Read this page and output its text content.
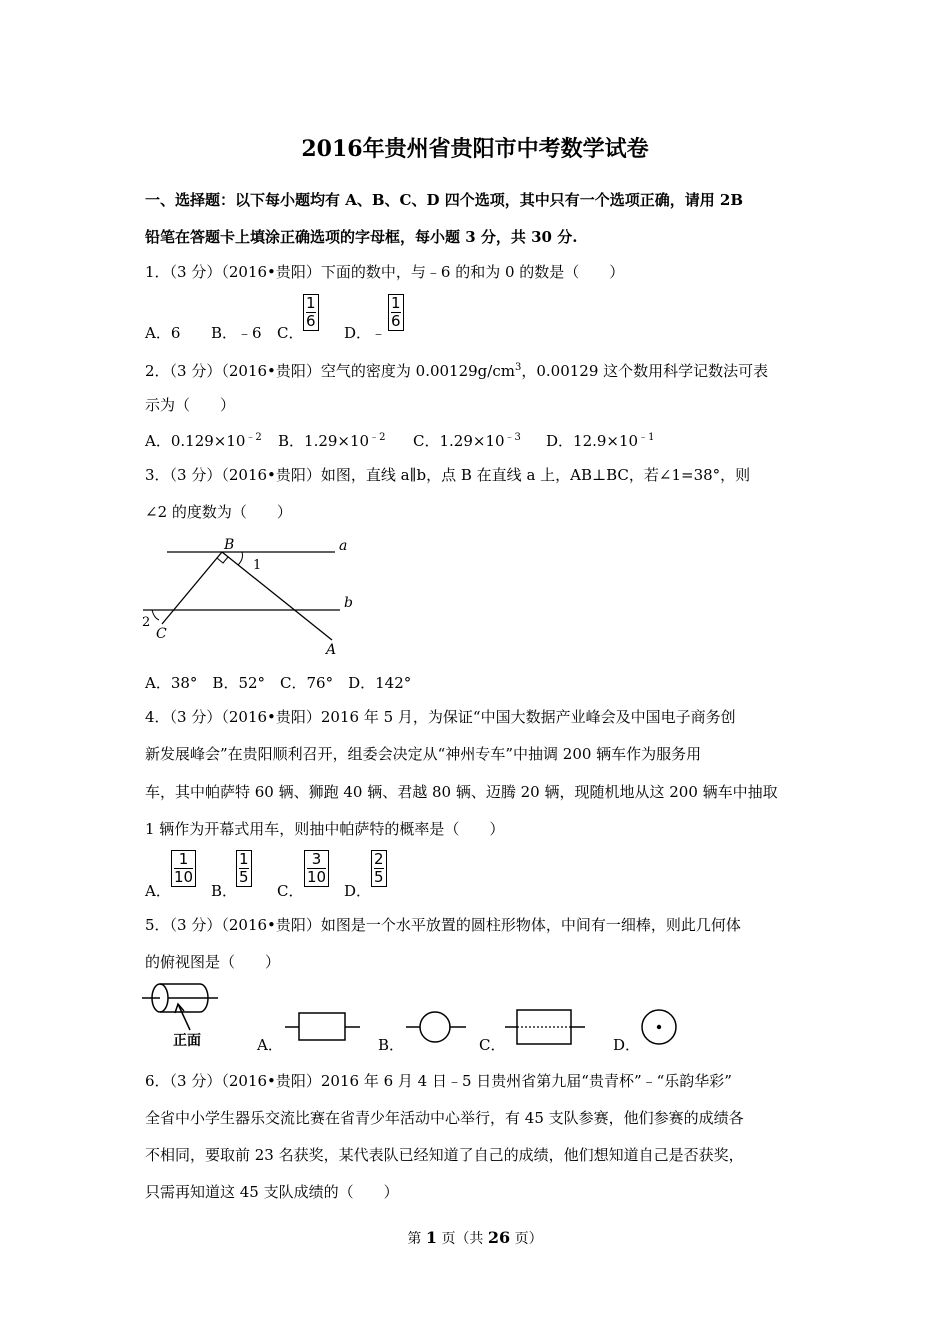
2016年贵州省贵阳市中考数学试卷
一、选择题：以下每小题均有 A、B、C、D 四个选项，其中只有一个选项正确，请用 2B
铅笔在答题卡上填涂正确选项的字母框，每小题 3 分，共 30 分.
1．（3 分）（2016•贵阳）下面的数中，与﹣6 的和为 0 的数是（　　）
A．6 B．﹣6 C．
$\frac{1}{6}$
D．﹣
$\frac{1}{6}$
2．（3 分）（2016•贵阳）空气的密度为 $0.00129g/cm^3$，0.00129 这个数用科学记数法可表
示为（　　）
A．$0.129\times 10^{﹣2}$ B．$1.29\times 10^{﹣2}$ C．$1.29\times 10^{﹣3}$ D．$12.9\times 10^{﹣1}$
3．（3 分）（2016•贵阳）如图，直线 a∥b，点 B 在直线 a 上，AB⊥BC，若∠1=38°，则
∠2 的度数为（　　）
B	a
b
1
2
C
A
A．38°　B．52°　C．76°　D．142°
4．（3 分）（2016•贵阳）2016 年 5 月，为保证“中国大数据产业峰会及中国电子商务创
新发展峰会”在贵阳顺利召开，组委会决定从“神州专车”中抽调 200 辆车作为服务用
车，其中帕萨特 60 辆、狮跑 40 辆、君越 80 辆、迈腾 20 辆，现随机地从这 200 辆车中抽取
1 辆作为开幕式用车，则抽中帕萨特的概率是（　　）
A．
$\frac{1}{10}$
B．
$\frac{1}{5}$
C．
$\frac{3}{10}$
D．
$\frac{2}{5}$
5．（3 分）（2016•贵阳）如图是一个水平放置的圆柱形物体，中间有一细棒，则此几何体
的俯视图是（　　）
正面	A．	B．	C．	D．
6．（3 分）（2016•贵阳）2016 年 6 月 4 日﹣5 日贵州省第九届“贵青杯”﹣“乐韵华彩”
全省中小学生器乐交流比赛在省青少年活动中心举行，有 45 支队参赛，他们参赛的成绩各
不相同，要取前 23 名获奖，某代表队已经知道了自己的成绩，他们想知道自己是否获奖，
只需再知道这 45 支队成绩的（　　）
第 1 页（共 26 页）
